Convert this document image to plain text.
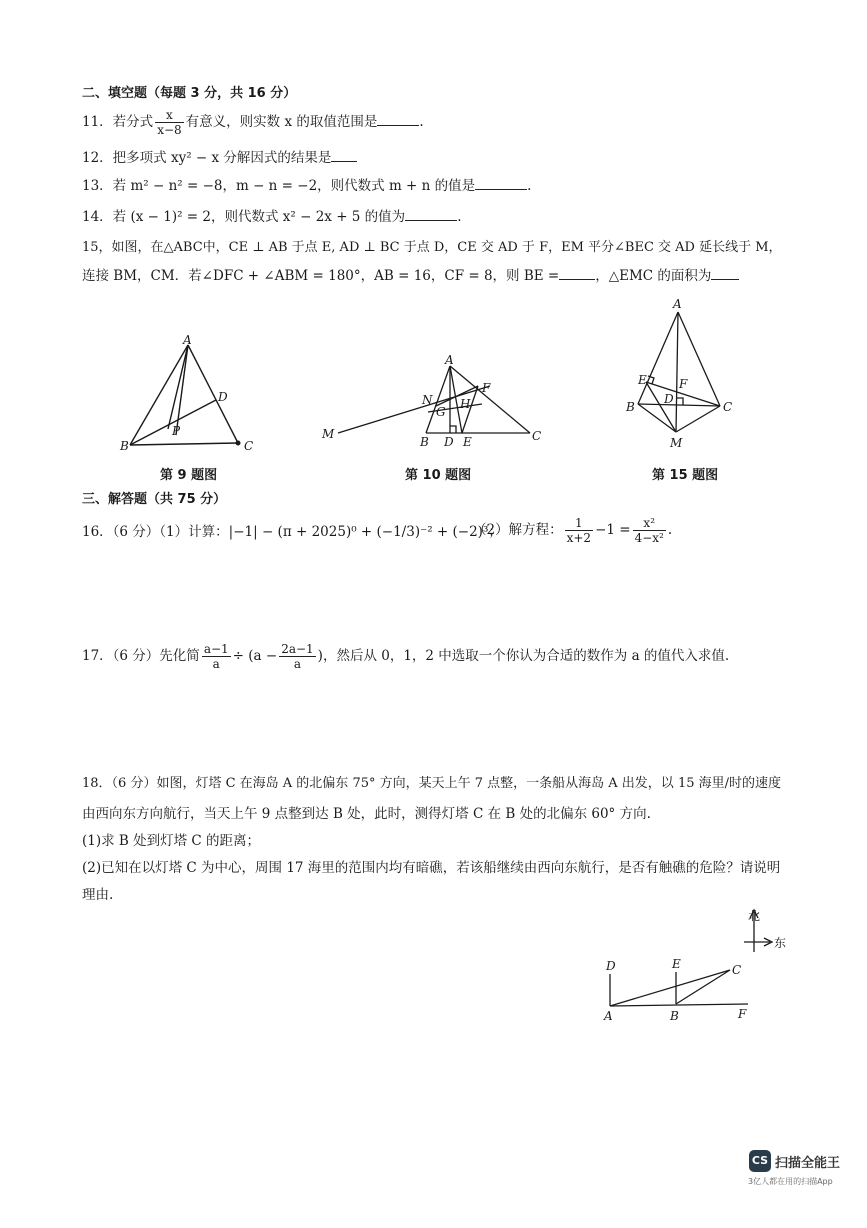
二、填空题（每题 3 分，共 16 分）
11．若分式 $\frac{x}{x-8}$ 有意义，则实数 x 的取值范围是	.
12．把多项式 xy² − x 分解因式的结果是
13．若 m² − n² = −8，m − n = −2，则代数式 m + n 的值是	.
14．若 (x − 1)² = 2，则代数式 x² − 2x + 5 的值为	.
15，如图，在△ABC中，CE ⊥ AB 于点 E, AD ⊥ BC 于点 D，CE 交 AD 于 F，EM 平分∠BEC 交 AD 延长线于 M，
连接 BM，CM．若∠DFC + ∠ABM = 180°，AB = 16，CF = 8，则 BE =	，△EMC 的面积为
A
D
P
B	C
第 9 题图
A
N
F
G
H
M
B D E	C
第 10 题图
A
E	F
B
D
C
M
第 15 题图
三、解答题（共 75 分）
16．（6 分）（1）计算：|−1| − (π + 2025)⁰ + (−1/3)⁻² + (−2)³；
（2）解方程： $\frac{1}{x+2} -1 = \frac{\text{x²}}{\text{4−x²}}$ .
17．（6 分）先化简 $\frac{a-1}{a} \div (a - \frac{2a-1}{a}$ )，然后从 0，1，2 中选取一个你认为合适的数作为 a 的值代入求值.
18．（6 分）如图，灯塔 C 在海岛 A 的北偏东 75° 方向，某天上午 7 点整，一条船从海岛 A 出发，以 15 海里/时的速度
由西向东方向航行，当天上午 9 点整到达 B 处，此时，测得灯塔 C 在 B 处的北偏东 60° 方向.
(1)求 B 处到灯塔 C 的距离；
(2)已知在以灯塔 C 为中心，周围 17 海里的范围内均有暗礁，若该船继续由西向东航行，是否有触礁的危险？请说明
理由.
北
东
D	E	C
A	B	F
CS 扫描全能王
3亿人都在用的扫描App
